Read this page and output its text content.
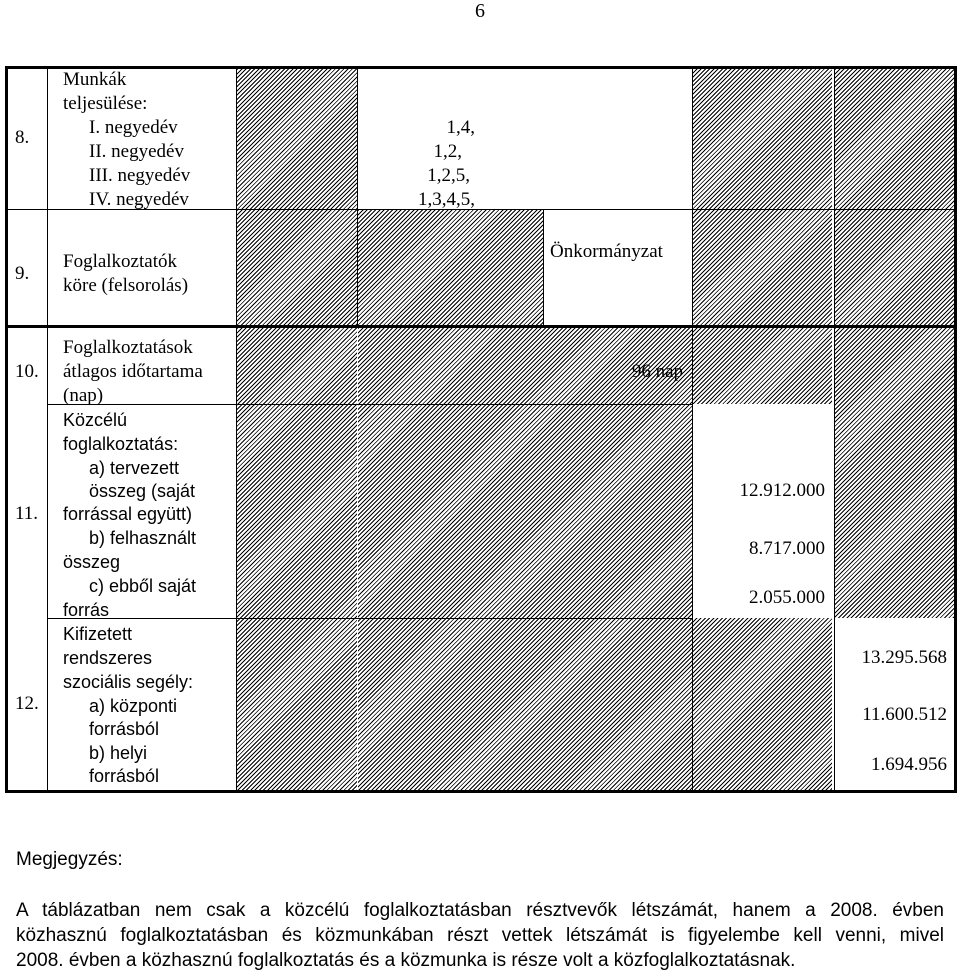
6
8.
Munkák
teljesülése:
I. negyedév
II. negyedév
III. negyedév
IV. negyedév
1,4,
1,2,
1,2,5,
1,3,4,5,
9.
Foglalkoztatók
köre (felsorolás)
Önkormányzat
10.
Foglalkoztatások
átlagos időtartama
(nap)
96 nap
11.
Közcélú
foglalkoztatás:
a) tervezett
összeg (saját
forrással együtt)
b) felhasznált
összeg
c) ebből saját
forrás
12.912.000
8.717.000
2.055.000
12.
Kifizetett
rendszeres
szociális segély:
a) központi
forrásból
b) helyi
forrásból
13.295.568
11.600.512
1.694.956
Megjegyzés:
A táblázatban nem csak a közcélú foglalkoztatásban résztvevők létszámát, hanem a 2008. évben
közhasznú foglalkoztatásban és közmunkában részt vettek létszámát is figyelembe kell venni, mivel
2008. évben a közhasznú foglalkoztatás és a közmunka is része volt a közfoglalkoztatásnak.
